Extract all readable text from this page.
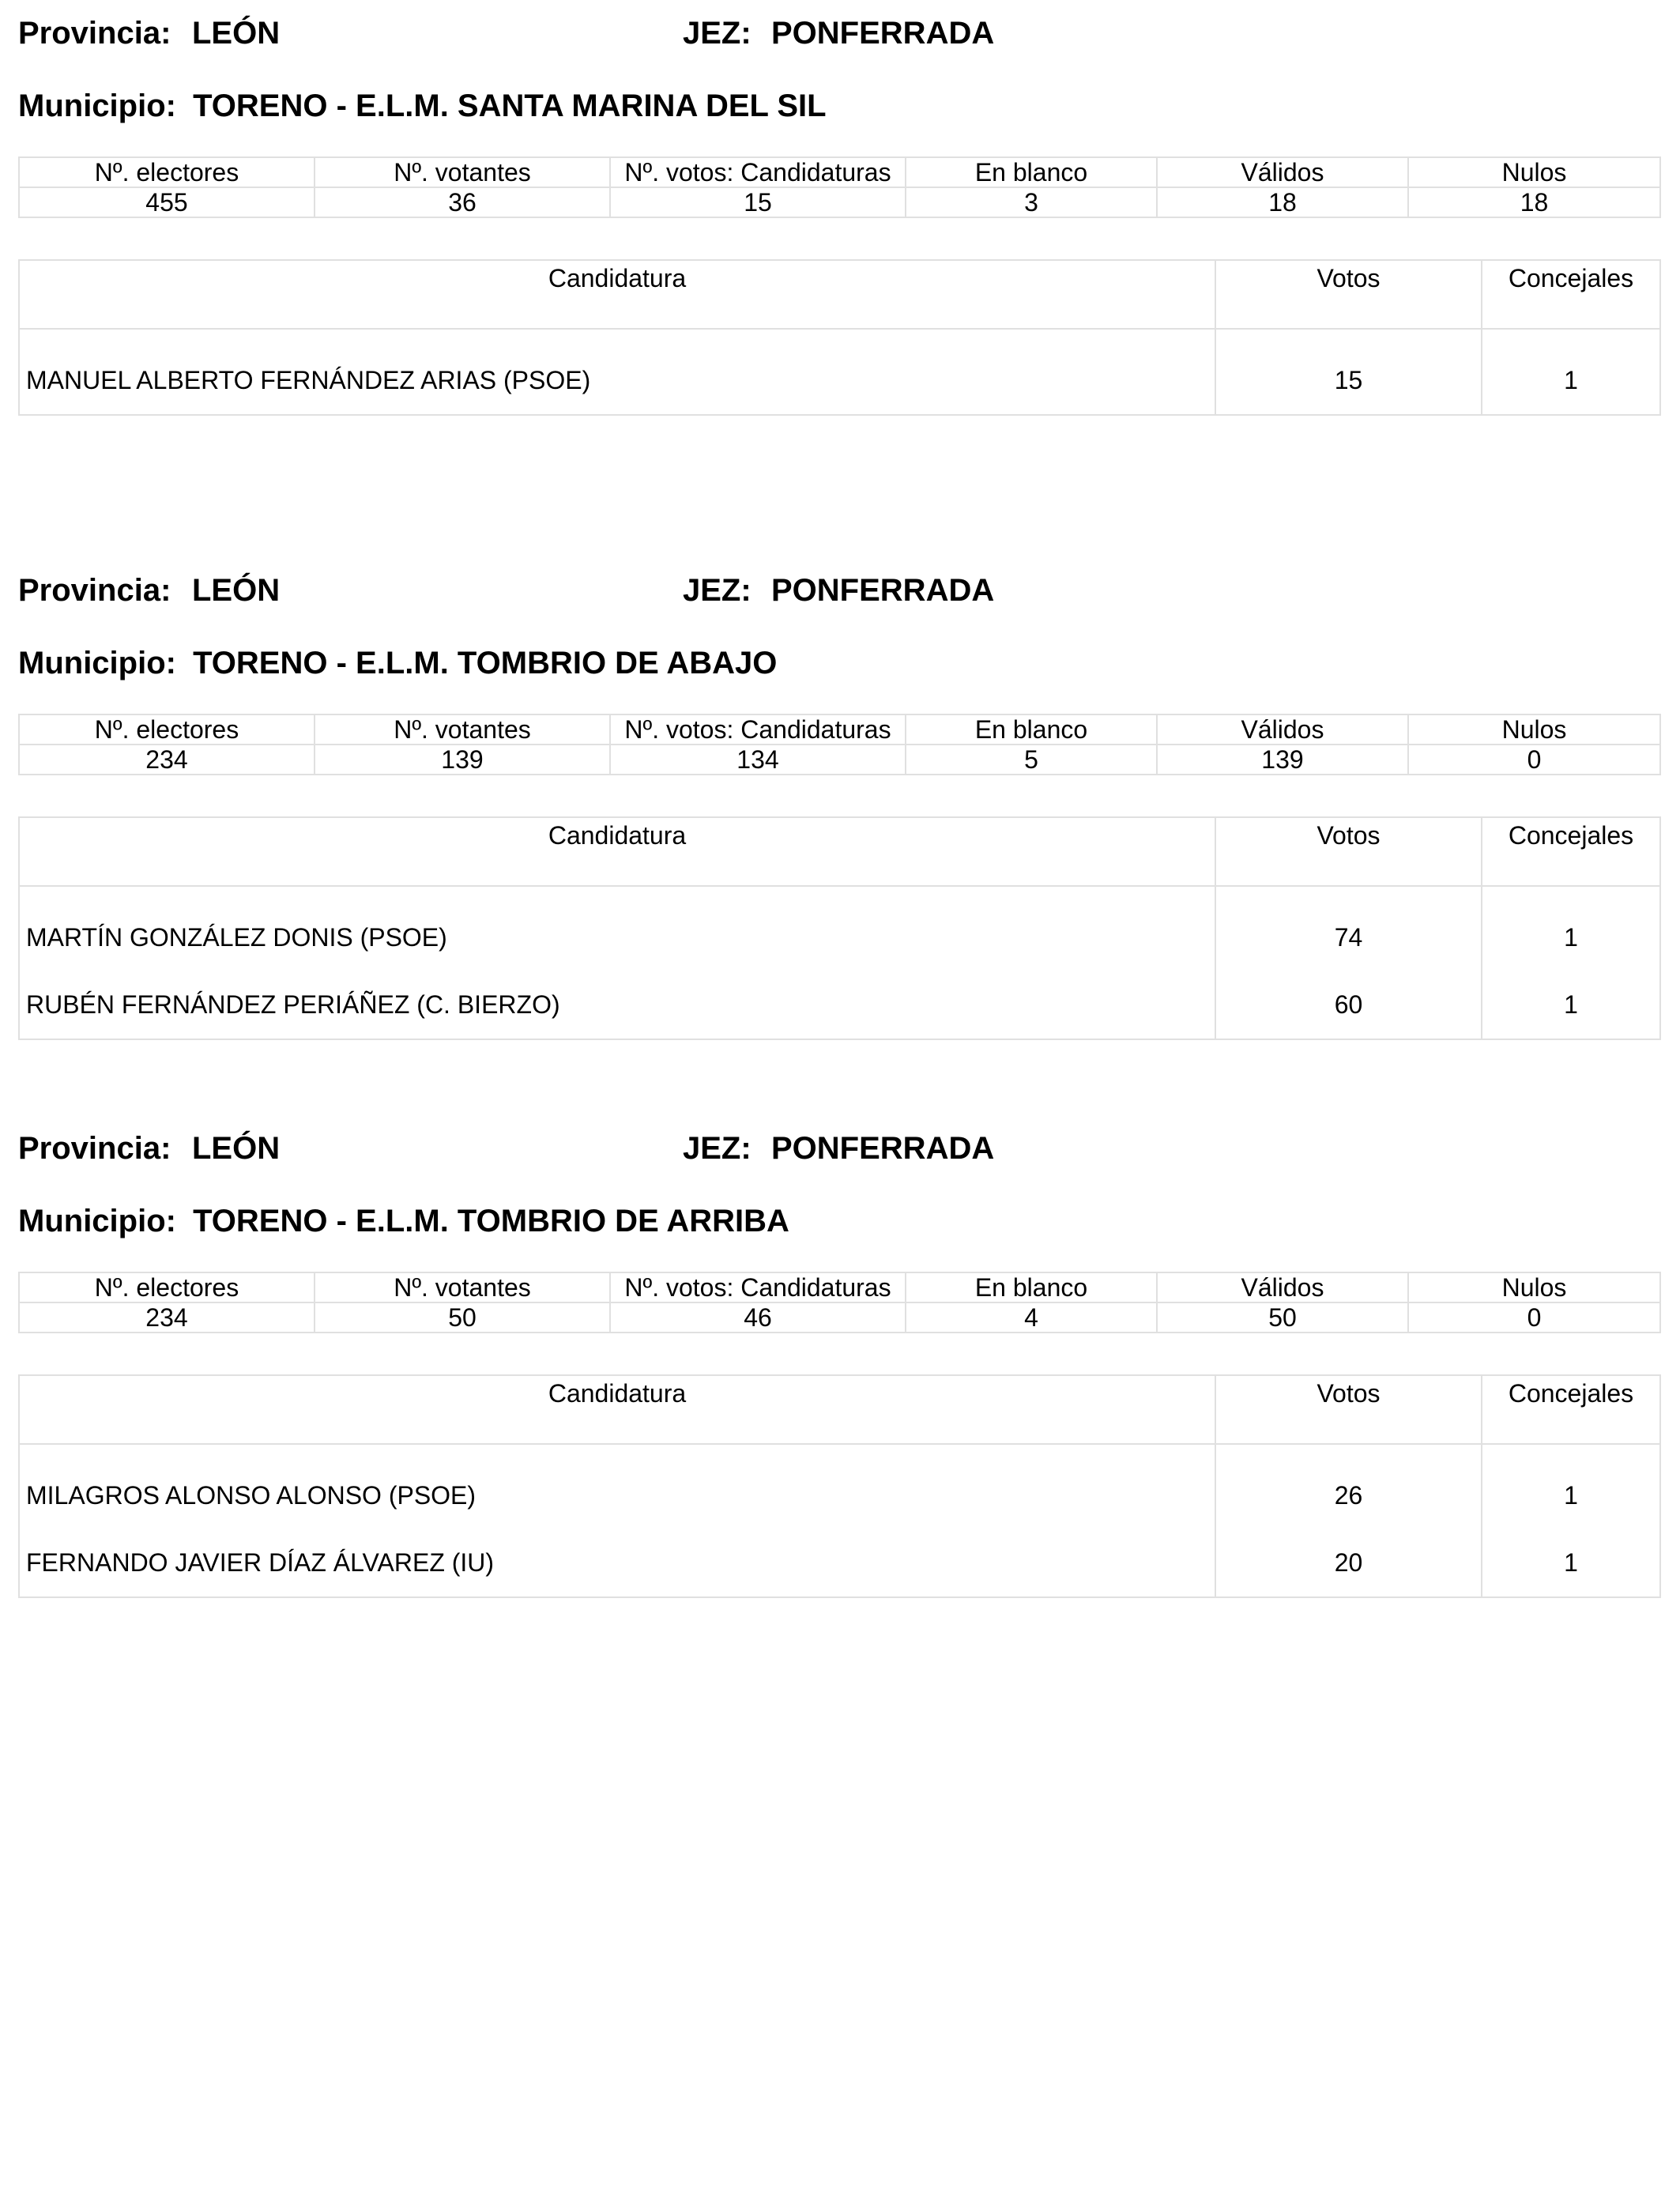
Provincia: LEÓN	JEZ: PONFERRADA
Municipio: TORENO - E.L.M. SANTA MARINA DEL SIL
Nº. electores	Nº. votantes	Nº. votos: Candidaturas	En blanco	Válidos	Nulos
455	36	15	3	18	18
Candidatura	Votos	Concejales
MANUEL ALBERTO FERNÁNDEZ ARIAS (PSOE)	15	1
Provincia: LEÓN	JEZ: PONFERRADA
Municipio: TORENO - E.L.M. TOMBRIO DE ABAJO
Nº. electores	Nº. votantes	Nº. votos: Candidaturas	En blanco	Válidos	Nulos
234	139	134	5	139	0
Candidatura	Votos	Concejales
MARTÍN GONZÁLEZ DONIS (PSOE)	74	1
RUBÉN FERNÁNDEZ PERIÁÑEZ (C. BIERZO)	60	1
Provincia: LEÓN	JEZ: PONFERRADA
Municipio: TORENO - E.L.M. TOMBRIO DE ARRIBA
Nº. electores	Nº. votantes	Nº. votos: Candidaturas	En blanco	Válidos	Nulos
234	50	46	4	50	0
Candidatura	Votos	Concejales
MILAGROS ALONSO ALONSO (PSOE)	26	1
FERNANDO JAVIER DÍAZ ÁLVAREZ (IU)	20	1
